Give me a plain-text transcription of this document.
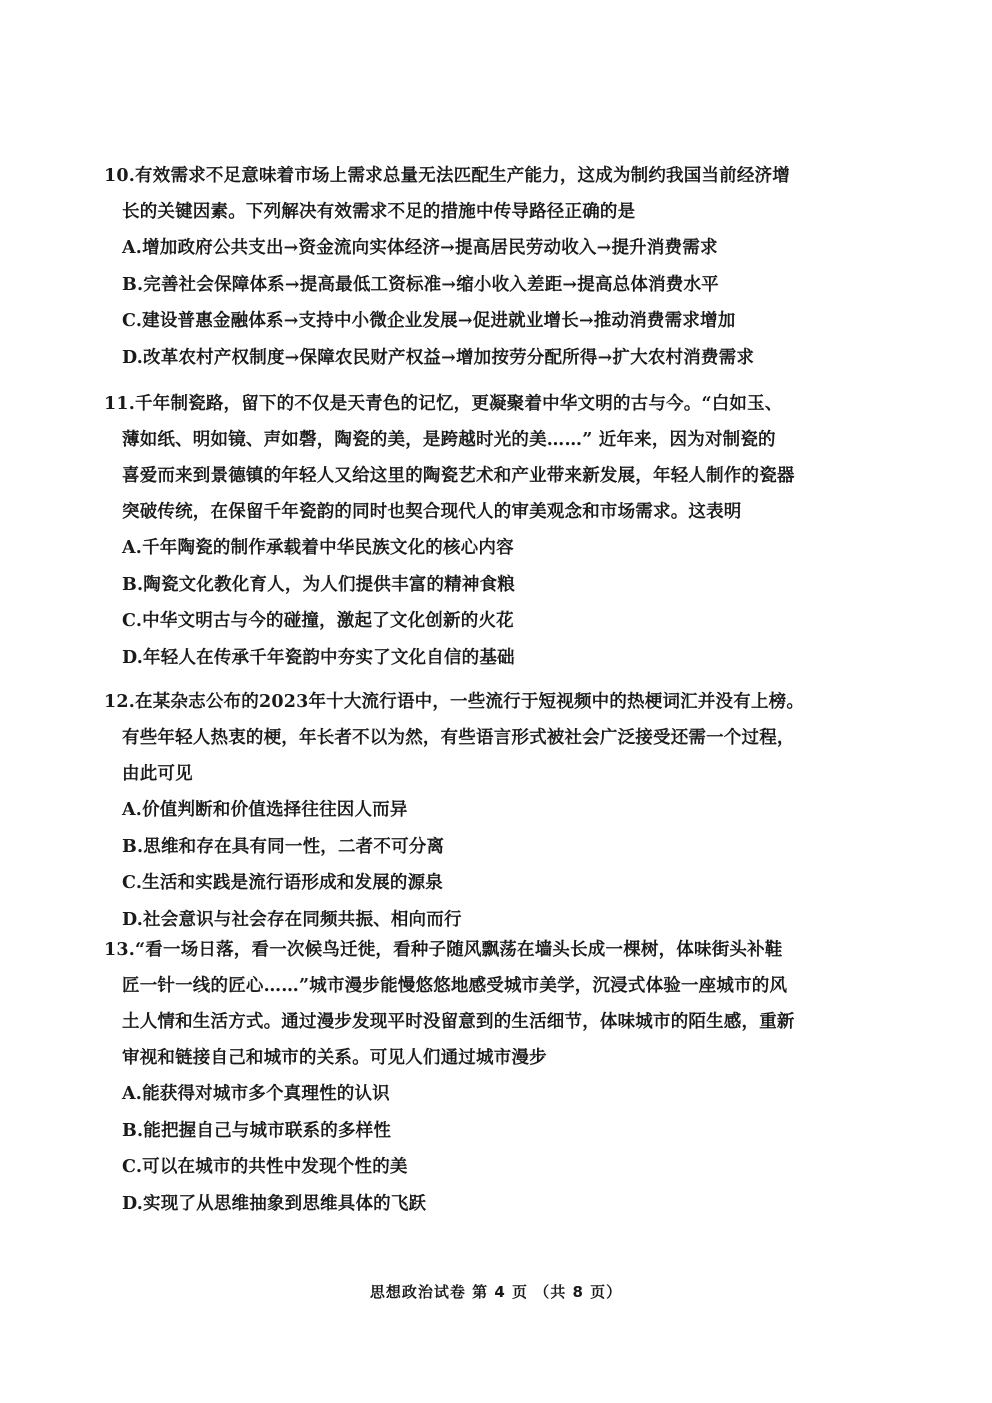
10.有效需求不足意味着市场上需求总量无法匹配生产能力，这成为制约我国当前经济增
长的关键因素。下列解决有效需求不足的措施中传导路径正确的是
A.增加政府公共支出→资金流向实体经济→提高居民劳动收入→提升消费需求
B.完善社会保障体系→提高最低工资标准→缩小收入差距→提高总体消费水平
C.建设普惠金融体系→支持中小微企业发展→促进就业增长→推动消费需求增加
D.改革农村产权制度→保障农民财产权益→增加按劳分配所得→扩大农村消费需求
11.千年制瓷路，留下的不仅是天青色的记忆，更凝聚着中华文明的古与今。“白如玉、
薄如纸、明如镜、声如磬，陶瓷的美，是跨越时光的美……” 近年来，因为对制瓷的
喜爱而来到景德镇的年轻人又给这里的陶瓷艺术和产业带来新发展，年轻人制作的瓷器
突破传统，在保留千年瓷韵的同时也契合现代人的审美观念和市场需求。这表明
A.千年陶瓷的制作承载着中华民族文化的核心内容
B.陶瓷文化教化育人，为人们提供丰富的精神食粮
C.中华文明古与今的碰撞，激起了文化创新的火花
D.年轻人在传承千年瓷韵中夯实了文化自信的基础
12.在某杂志公布的2023年十大流行语中，一些流行于短视频中的热梗词汇并没有上榜。
有些年轻人热衷的梗，年长者不以为然，有些语言形式被社会广泛接受还需一个过程，
由此可见
A.价值判断和价值选择往往因人而异
B.思维和存在具有同一性，二者不可分离
C.生活和实践是流行语形成和发展的源泉
D.社会意识与社会存在同频共振、相向而行
13.“看一场日落，看一次候鸟迁徙，看种子随风飘荡在墙头长成一棵树，体味街头补鞋
匠一针一线的匠心……”城市漫步能慢悠悠地感受城市美学，沉浸式体验一座城市的风
土人情和生活方式。通过漫步发现平时没留意到的生活细节，体味城市的陌生感，重新
审视和链接自己和城市的关系。可见人们通过城市漫步
A.能获得对城市多个真理性的认识
B.能把握自己与城市联系的多样性
C.可以在城市的共性中发现个性的美
D.实现了从思维抽象到思维具体的飞跃
思想政治试卷 第 4 页 （共 8 页）
